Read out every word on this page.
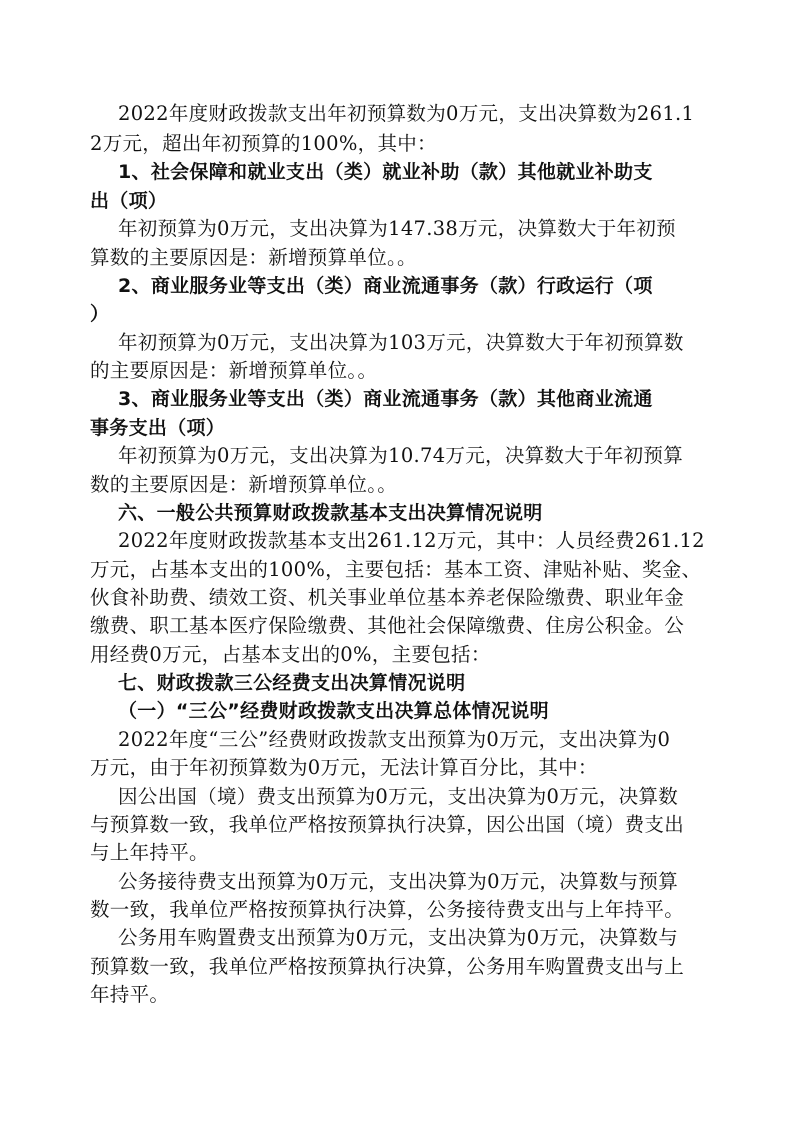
2022年度财政拨款支出年初预算数为0万元，支出决算数为261.1
2万元，超出年初预算的100%，其中：
1、社会保障和就业支出（类）就业补助（款）其他就业补助支
出（项）
年初预算为0万元，支出决算为147.38万元，决算数大于年初预
算数的主要原因是：新增预算单位。。
2、商业服务业等支出（类）商业流通事务（款）行政运行（项
）
年初预算为0万元，支出决算为103万元，决算数大于年初预算数
的主要原因是：新增预算单位。。
3、商业服务业等支出（类）商业流通事务（款）其他商业流通
事务支出（项）
年初预算为0万元，支出决算为10.74万元，决算数大于年初预算
数的主要原因是：新增预算单位。。
六、一般公共预算财政拨款基本支出决算情况说明
2022年度财政拨款基本支出261.12万元，其中：人员经费261.12
万元，占基本支出的100%，主要包括：基本工资、津贴补贴、奖金、
伙食补助费、绩效工资、机关事业单位基本养老保险缴费、职业年金
缴费、职工基本医疗保险缴费、其他社会保障缴费、住房公积金。公
用经费0万元，占基本支出的0%，主要包括：
七、财政拨款三公经费支出决算情况说明
（一）“三公”经费财政拨款支出决算总体情况说明
2022年度“三公”经费财政拨款支出预算为0万元，支出决算为0
万元，由于年初预算数为0万元，无法计算百分比，其中：
因公出国（境）费支出预算为0万元，支出决算为0万元，决算数
与预算数一致，我单位严格按预算执行决算，因公出国（境）费支出
与上年持平。
公务接待费支出预算为0万元，支出决算为0万元，决算数与预算
数一致，我单位严格按预算执行决算，公务接待费支出与上年持平。
公务用车购置费支出预算为0万元，支出决算为0万元，决算数与
预算数一致，我单位严格按预算执行决算，公务用车购置费支出与上
年持平。
